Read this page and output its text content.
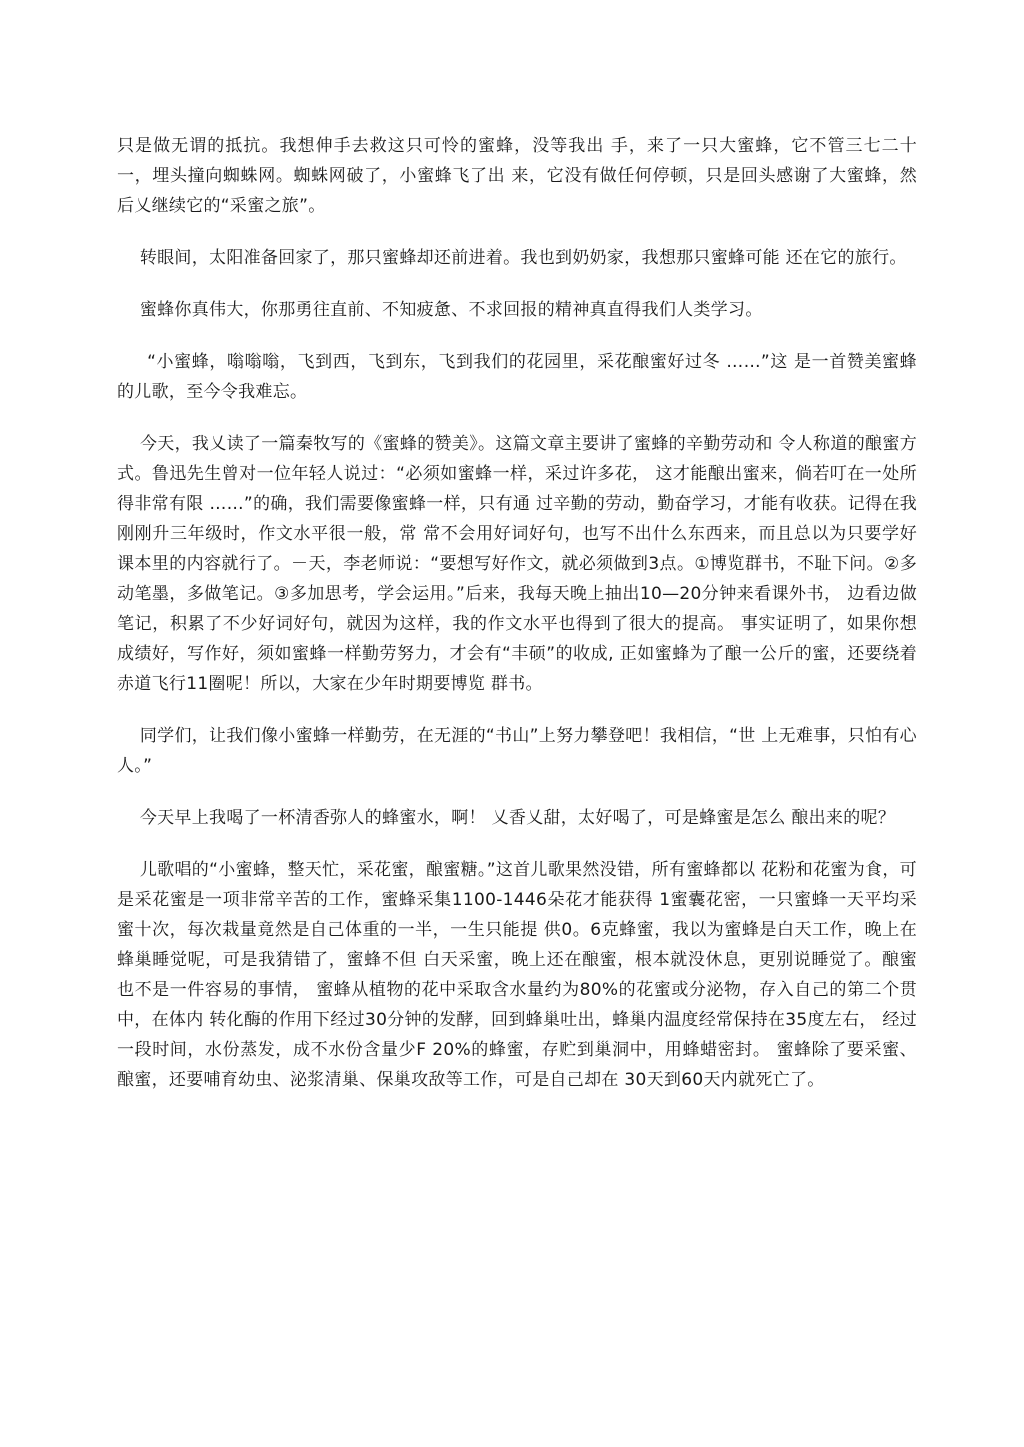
只是做无谓的抵抗。我想伸手去救这只可怜的蜜蜂，没等我出 手，来了一只大蜜蜂，它不管三七二十一，埋头撞向蜘蛛网。蜘蛛网破了，小蜜蜂飞了出 来，它没有做任何停顿，只是回头感谢了大蜜蜂，然后乂继续它的“采蜜之旅”。

转眼间，太阳准备回家了，那只蜜蜂却还前进着。我也到奶奶家，我想那只蜜蜂可能 还在它的旅行。

蜜蜂你真伟大，你那勇往直前、不知疲惫、不求回报的精神真直得我们人类学习。

“小蜜蜂，嗡嗡嗡，飞到西，飞到东，飞到我们的花园里，采花酿蜜好过冬 ……”这 是一首赞美蜜蜂的儿歌，至今令我难忘。

今天，我乂读了一篇秦牧写的《蜜蜂的赞美》。这篇文章主要讲了蜜蜂的辛勤劳动和 令人称道的酿蜜方式。鲁迅先生曾对一位年轻人说过：“必须如蜜蜂一样，采过许多花， 这才能酿出蜜来，倘若叮在一处所得非常有限 ……”的确，我们需要像蜜蜂一样，只有通 过辛勤的劳动，勤奋学习，才能有收获。记得在我刚刚升三年级时，作文水平很一般，常 常不会用好词好句，也写不出什么东西来，而且总以为只要学好课本里的内容就行了。－天，李老师说：“要想写好作文，就必须做到3点。①博览群书，不耻下问。②多动笔墨，多做笔记。③多加思考，学会运用。”后来，我每天晚上抽出10—20分钟来看课外书， 边看边做笔记，积累了不少好词好句，就因为这样，我的作文水平也得到了很大的提高。 事实证明了，如果你想成绩好，写作好，须如蜜蜂一样勤劳努力，才会有“丰硕”的收成, 正如蜜蜂为了酿一公斤的蜜，还要绕着赤道飞行11圈呢！所以，大家在少年时期要博览 群书。

同学们，让我们像小蜜蜂一样勤劳，在无涯的“书山”上努力攀登吧！我相信，“世 上无难事，只怕有心人。”

今天早上我喝了一杯清香弥人的蜂蜜水，啊！ 乂香乂甜，太好喝了，可是蜂蜜是怎么 酿出来的呢？

儿歌唱的“小蜜蜂，整天忙，采花蜜，酿蜜糖。”这首儿歌果然没错，所有蜜蜂都以 花粉和花蜜为食，可是采花蜜是一项非常辛苦的工作，蜜蜂采集1100-1446朵花才能获得 1蜜囊花密，一只蜜蜂一天平均采蜜十次，每次栽量竟然是自己体重的一半，一生只能提 供0。6克蜂蜜，我以为蜜蜂是白天工作，晚上在蜂巢睡觉呢，可是我猜错了，蜜蜂不但 白天采蜜，晚上还在酿蜜，根本就没休息，更别说睡觉了。酿蜜也不是一件容易的事情， 蜜蜂从植物的花中采取含水量约为80%的花蜜或分泌物，存入自己的第二个贯中，在体内 转化酶的作用下经过30分钟的发酵，回到蜂巢吐出，蜂巢内温度经常保持在35度左右， 经过一段时间，水份蒸发，成不水份含量少F 20%的蜂蜜，存贮到巢洞中，用蜂蜡密封。 蜜蜂除了要采蜜、酿蜜，还要哺育幼虫、泌浆清巢、保巢攻敌等工作，可是自己却在 30天到60天内就死亡了。
